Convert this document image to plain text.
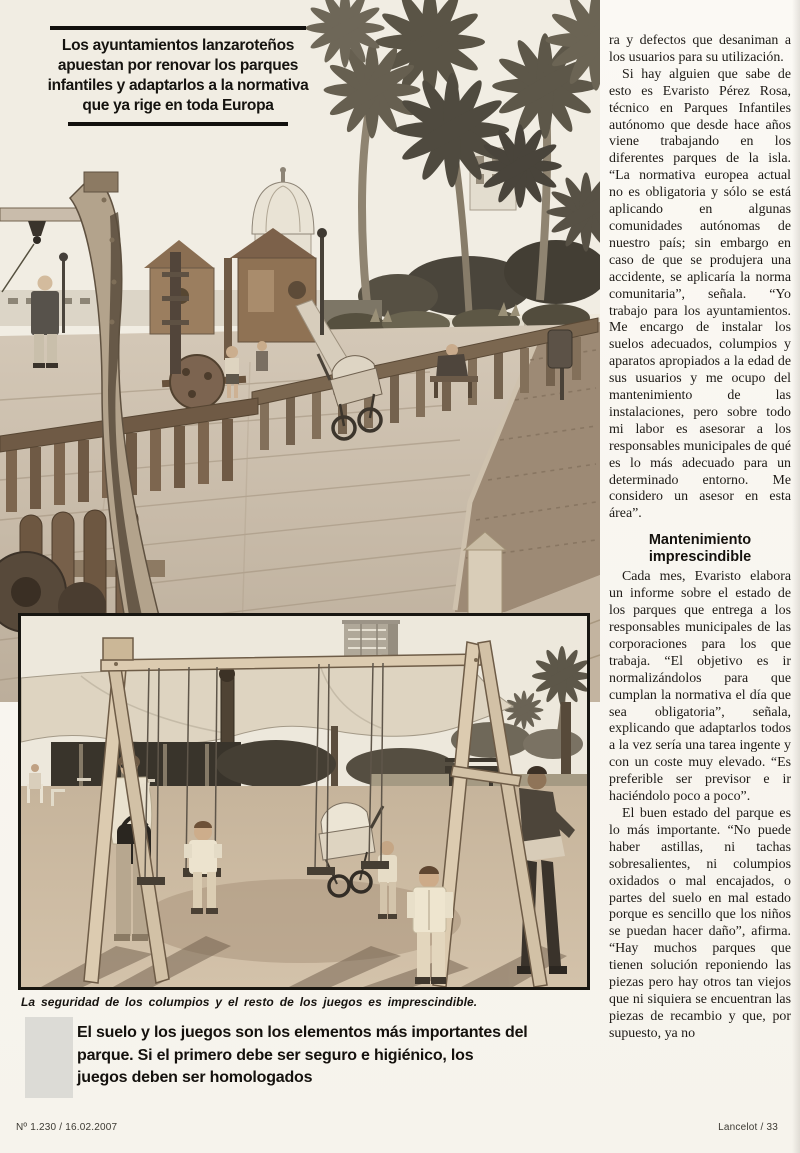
Los ayuntamientos lanzaroteños
apuestan por renovar los parques
infantiles y adaptarlos a la normativa
que ya rige en toda Europa

ra y defectos que desaniman a los usuarios para su utilización.

Si hay alguien que sabe de esto es Evaristo Pérez Rosa, técnico en Parques Infantiles autónomo que desde hace años viene trabajando en los diferentes parques de la isla. “La normativa europea actual no es obligatoria y sólo se está aplicando en algunas comunidades autónomas de nuestro país; sin embargo en caso de que se produjera una accidente, se aplicaría la norma comunitaria”, señala. “Yo trabajo para los ayuntamientos. Me encargo de instalar los suelos adecuados, columpios y aparatos apropiados a la edad de sus usuarios y me ocupo del mantenimiento de las instalaciones, pero sobre todo mi labor es asesorar a los responsables municipales de qué es lo más adecuado para un determinado entorno. Me considero un asesor en esta área”.

Mantenimiento imprescindible

Cada mes, Evaristo elabora un informe sobre el estado de los parques que entrega a los responsables municipales de las corporaciones para los que trabaja. “El objetivo es ir normalizándolos para que cumplan la normativa el día que sea obligatoria”, señala, explicando que adaptarlos todos a la vez sería una tarea ingente y con un coste muy elevado. “Es preferible ser previsor e ir haciéndolo poco a poco”.

El buen estado del parque es lo más importante. “No puede haber astillas, ni tachas sobresalientes, ni columpios oxidados o mal encajados, o partes del suelo en mal estado porque es sencillo que los niños se puedan hacer daño”, afirma. “Hay muchos parques que tienen solución reponiendo las piezas pero hay otros tan viejos que ni siquiera se encuentran las piezas de recambio y que, por supuesto, ya no

La seguridad de los columpios y el resto de los juegos es imprescindible.
El suelo y los juegos son los elementos más importantes del
parque. Si el primero debe ser seguro e higiénico, los
juegos deben ser homologados
Nº 1.230 / 16.02.2007	Lancelot / 33
